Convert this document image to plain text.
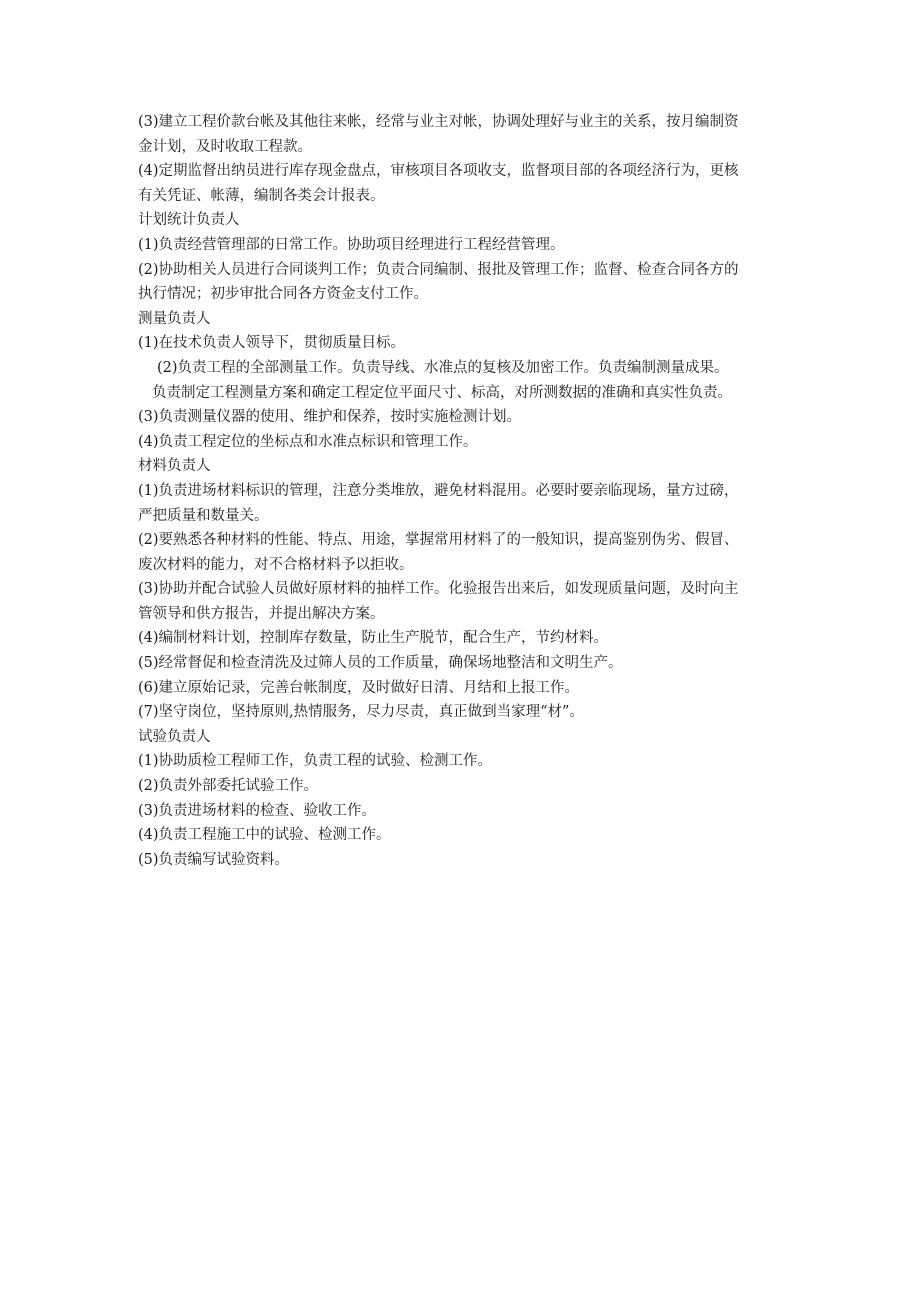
(3)建立工程价款台帐及其他往来帐，经常与业主对帐，协调处理好与业主的关系，按月编制资
金计划，及时收取工程款。
(4)定期监督出纳员进行库存现金盘点，审核项目各项收支，监督项目部的各项经济行为，更核
有关凭证、帐薄，编制各类会计报表。
计划统计负责人
(1)负责经营管理部的日常工作。协助项目经理进行工程经营管理。
(2)协助相关人员进行合同谈判工作；负责合同编制、报批及管理工作；监督、检查合同各方的
执行情况；初步审批合同各方资金支付工作。
测量负责人
(1)在技术负责人领导下，贯彻质量目标。
(2)负责工程的全部测量工作。负责导线、水准点的复核及加密工作。负责编制测量成果。
负责制定工程测量方案和确定工程定位平面尺寸、标高，对所测数据的准确和真实性负责。
(3)负责测量仪器的使用、维护和保养，按时实施检测计划。
(4)负责工程定位的坐标点和水准点标识和管理工作。
材料负责人
(1)负责进场材料标识的管理，注意分类堆放，避免材料混用。必要时要亲临现场，量方过磅，
严把质量和数量关。
(2)要熟悉各种材料的性能、特点、用途，掌握常用材料了的一般知识，提高鉴别伪劣、假冒、
废次材料的能力，对不合格材料予以拒收。
(3)协助并配合试验人员做好原材料的抽样工作。化验报告出来后，如发现质量问题，及时向主
管领导和供方报告，并提出解决方案。
(4)编制材料计划，控制库存数量，防止生产脱节，配合生产，节约材料。
(5)经常督促和检查清洗及过筛人员的工作质量，确保场地整洁和文明生产。
(6)建立原始记录，完善台帐制度，及时做好日清、月结和上报工作。
(7)坚守岗位，坚持原则,热情服务，尽力尽责，真正做到当家理“材”。
试验负责人
(1)协助质检工程师工作，负责工程的试验、检测工作。
(2)负责外部委托试验工作。
(3)负责进场材料的检查、验收工作。
(4)负责工程施工中的试验、检测工作。
(5)负责编写试验资料。
